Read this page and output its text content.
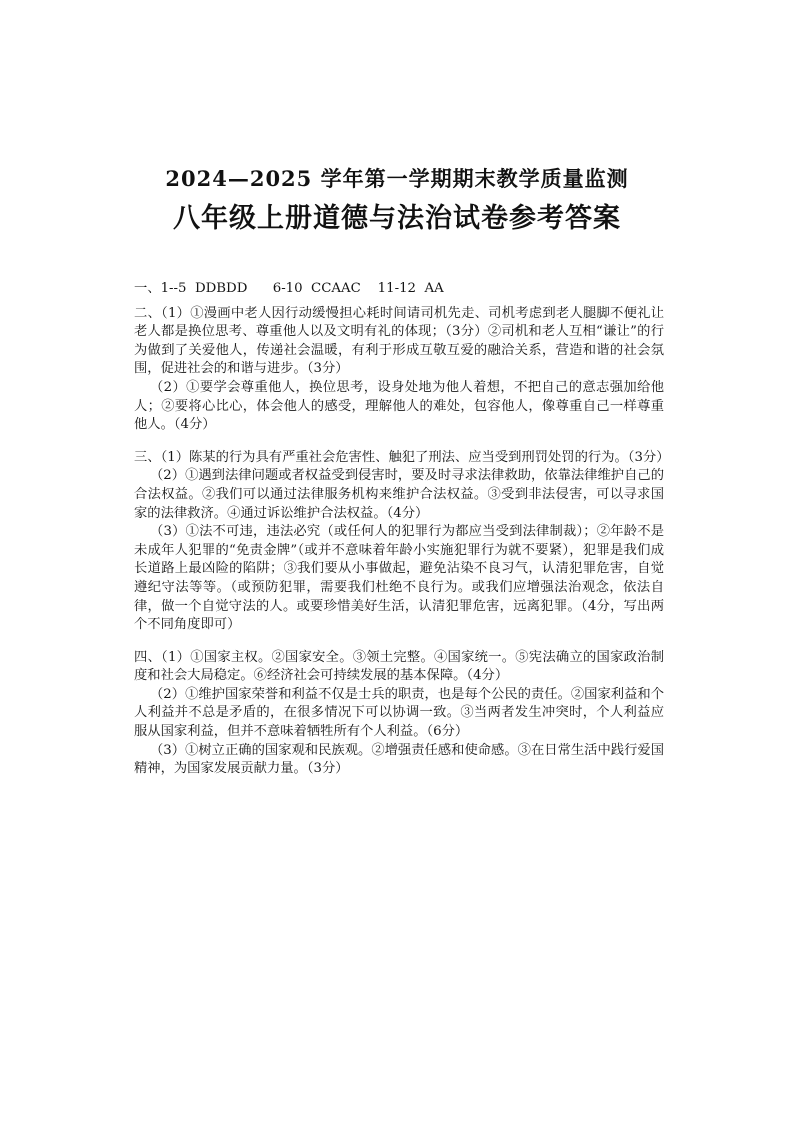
2024—2025 学年第一学期期末教学质量监测
八年级上册道德与法治试卷参考答案

一、1--5  DDBDD      6-10  CCAAC    11-12  AA

二、（1）①漫画中老人因行动缓慢担心耗时间请司机先走、司机考虑到老人腿脚不便礼让老人都是换位思考、尊重他人以及文明有礼的体现；（3分）②司机和老人互相“谦让”的行为做到了关爱他人，传递社会温暖，有利于形成互敬互爱的融洽关系，营造和谐的社会氛围，促进社会的和谐与进步。（3分）

（2）①要学会尊重他人，换位思考，设身处地为他人着想，不把自己的意志强加给他人；②要将心比心，体会他人的感受，理解他人的难处，包容他人，像尊重自己一样尊重他人。（4分）

三、（1）陈某的行为具有严重社会危害性、触犯了刑法、应当受到刑罚处罚的行为。（3分）

（2）①遇到法律问题或者权益受到侵害时，要及时寻求法律救助，依靠法律维护自己的合法权益。②我们可以通过法律服务机构来维护合法权益。③受到非法侵害，可以寻求国家的法律救济。④通过诉讼维护合法权益。（4分）

（3）①法不可违，违法必究（或任何人的犯罪行为都应当受到法律制裁）；②年龄不是未成年人犯罪的“免责金牌”（或并不意味着年龄小实施犯罪行为就不要紧），犯罪是我们成长道路上最凶险的陷阱；③我们要从小事做起，避免沾染不良习气，认清犯罪危害，自觉遵纪守法等等。（或预防犯罪，需要我们杜绝不良行为。或我们应增强法治观念，依法自律，做一个自觉守法的人。或要珍惜美好生活，认清犯罪危害，远离犯罪。（4分，写出两个不同角度即可）

四、（1）①国家主权。②国家安全。③领土完整。④国家统一。⑤宪法确立的国家政治制度和社会大局稳定。⑥经济社会可持续发展的基本保障。（4分）

（2）①维护国家荣誉和利益不仅是士兵的职责，也是每个公民的责任。②国家利益和个人利益并不总是矛盾的，在很多情况下可以协调一致。③当两者发生冲突时，个人利益应服从国家利益，但并不意味着牺牲所有个人利益。（6分）

（3）①树立正确的国家观和民族观。②增强责任感和使命感。③在日常生活中践行爱国精神，为国家发展贡献力量。（3分）
